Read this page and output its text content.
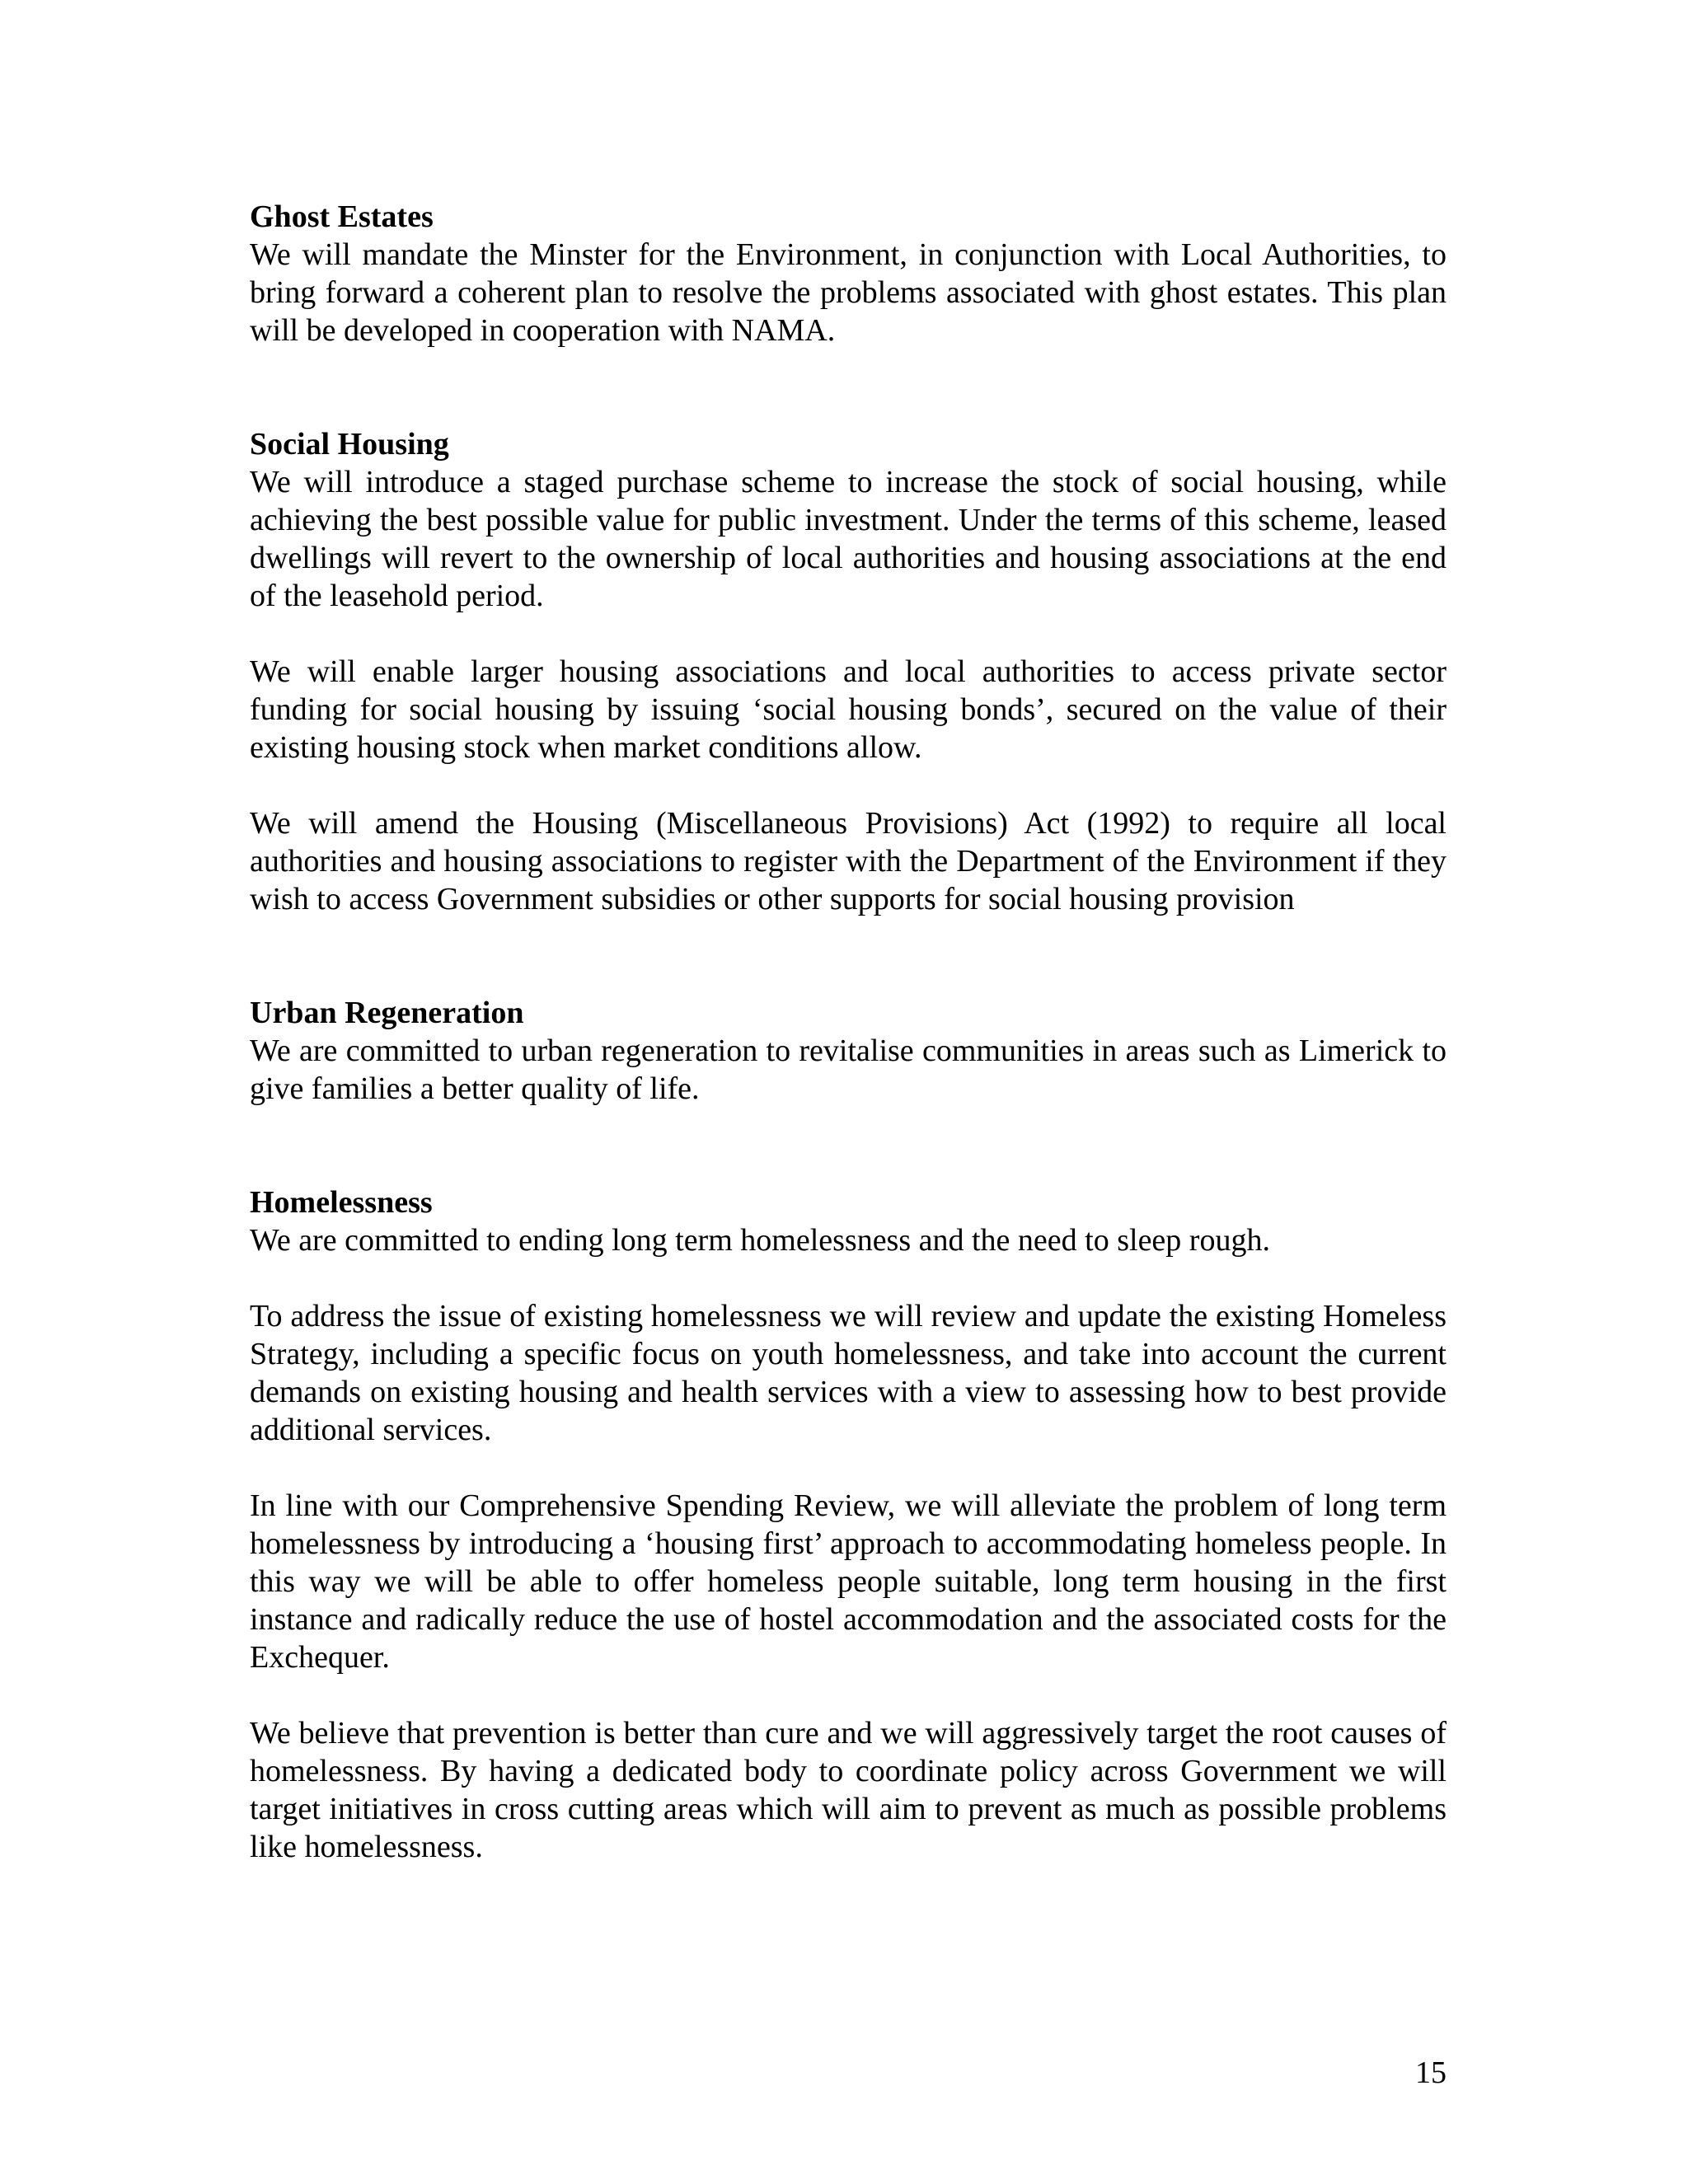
Ghost Estates

We will mandate the Minster for the Environment, in conjunction with Local Authorities, to bring forward a coherent plan to resolve the problems associated with ghost estates. This plan will be developed in cooperation with NAMA.

Social Housing

We will introduce a staged purchase scheme to increase the stock of social housing, while achieving the best possible value for public investment. Under the terms of this scheme, leased dwellings will revert to the ownership of local authorities and housing associations at the end of the leasehold period.

We will enable larger housing associations and local authorities to access private sector funding for social housing by issuing ‘social housing bonds’, secured on the value of their existing housing stock when market conditions allow.

We will amend the Housing (Miscellaneous Provisions) Act (1992) to require all local authorities and housing associations to register with the Department of the Environment if they wish to access Government subsidies or other supports for social housing provision

Urban Regeneration

We are committed to urban regeneration to revitalise communities in areas such as Limerick to give families a better quality of life.

Homelessness

We are committed to ending long term homelessness and the need to sleep rough.

To address the issue of existing homelessness we will review and update the existing Homeless Strategy, including a specific focus on youth homelessness, and take into account the current demands on existing housing and health services with a view to assessing how to best provide additional services.

In line with our Comprehensive Spending Review, we will alleviate the problem of long term homelessness by introducing a ‘housing first’ approach to accommodating homeless people. In this way we will be able to offer homeless people suitable, long term housing in the first instance and radically reduce the use of hostel accommodation and the associated costs for the Exchequer.

We believe that prevention is better than cure and we will aggressively target the root causes of homelessness. By having a dedicated body to coordinate policy across Government we will target initiatives in cross cutting areas which will aim to prevent as much as possible problems like homelessness.

15
